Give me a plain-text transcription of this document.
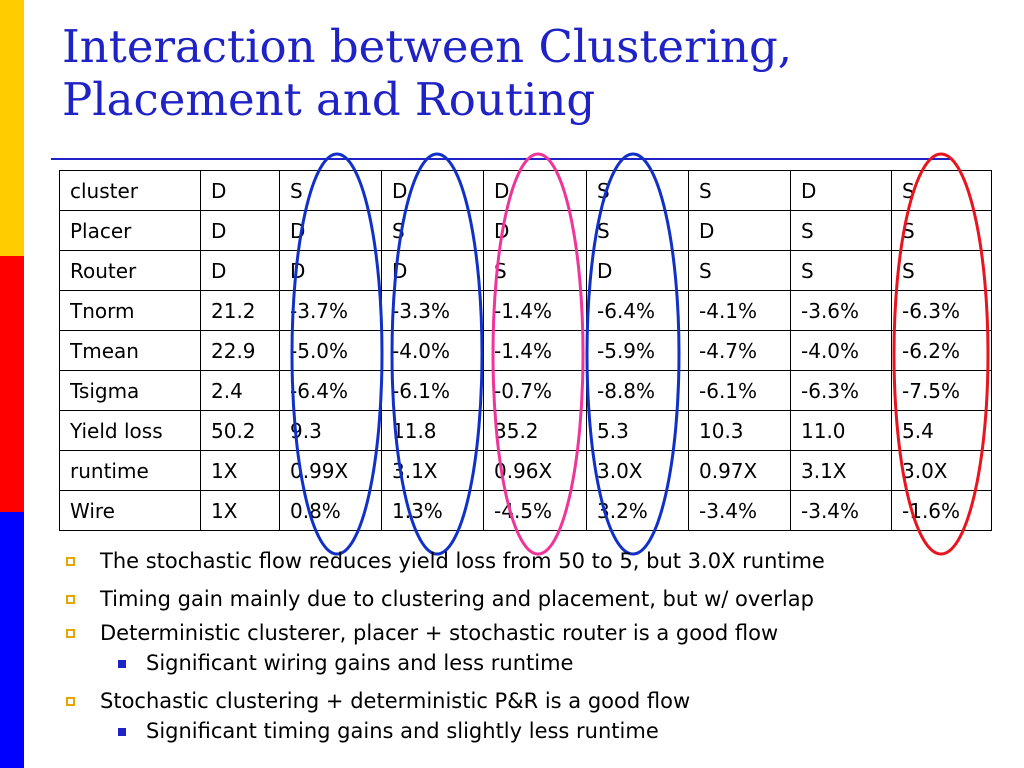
Interaction between Clustering,
Placement and Routing
cluster	D	S	D	D	S	S	D	S
Placer	D	D	S	D	S	D	S	S
Router	D	D	D	S	D	S	S	S
Tnorm	21.2	-3.7%	-3.3%	-1.4%	-6.4%	-4.1%	-3.6%	-6.3%
Tmean	22.9	-5.0%	-4.0%	-1.4%	-5.9%	-4.7%	-4.0%	-6.2%
Tsigma	2.4	-6.4%	-6.1%	-0.7%	-8.8%	-6.1%	-6.3%	-7.5%
Yield loss	50.2	9.3	11.8	35.2	5.3	10.3	11.0	5.4
runtime	1X	0.99X	3.1X	0.96X	3.0X	0.97X	3.1X	3.0X
Wire	1X	0.8%	1.3%	-4.5%	3.2%	-3.4%	-3.4%	-1.6%
The stochastic flow reduces yield loss from 50 to 5, but 3.0X runtime
Timing gain mainly due to clustering and placement, but w/ overlap
Deterministic clusterer, placer + stochastic router is a good flow
Significant wiring gains and less runtime
Stochastic clustering + deterministic P&R is a good flow
Significant timing gains and slightly less runtime
